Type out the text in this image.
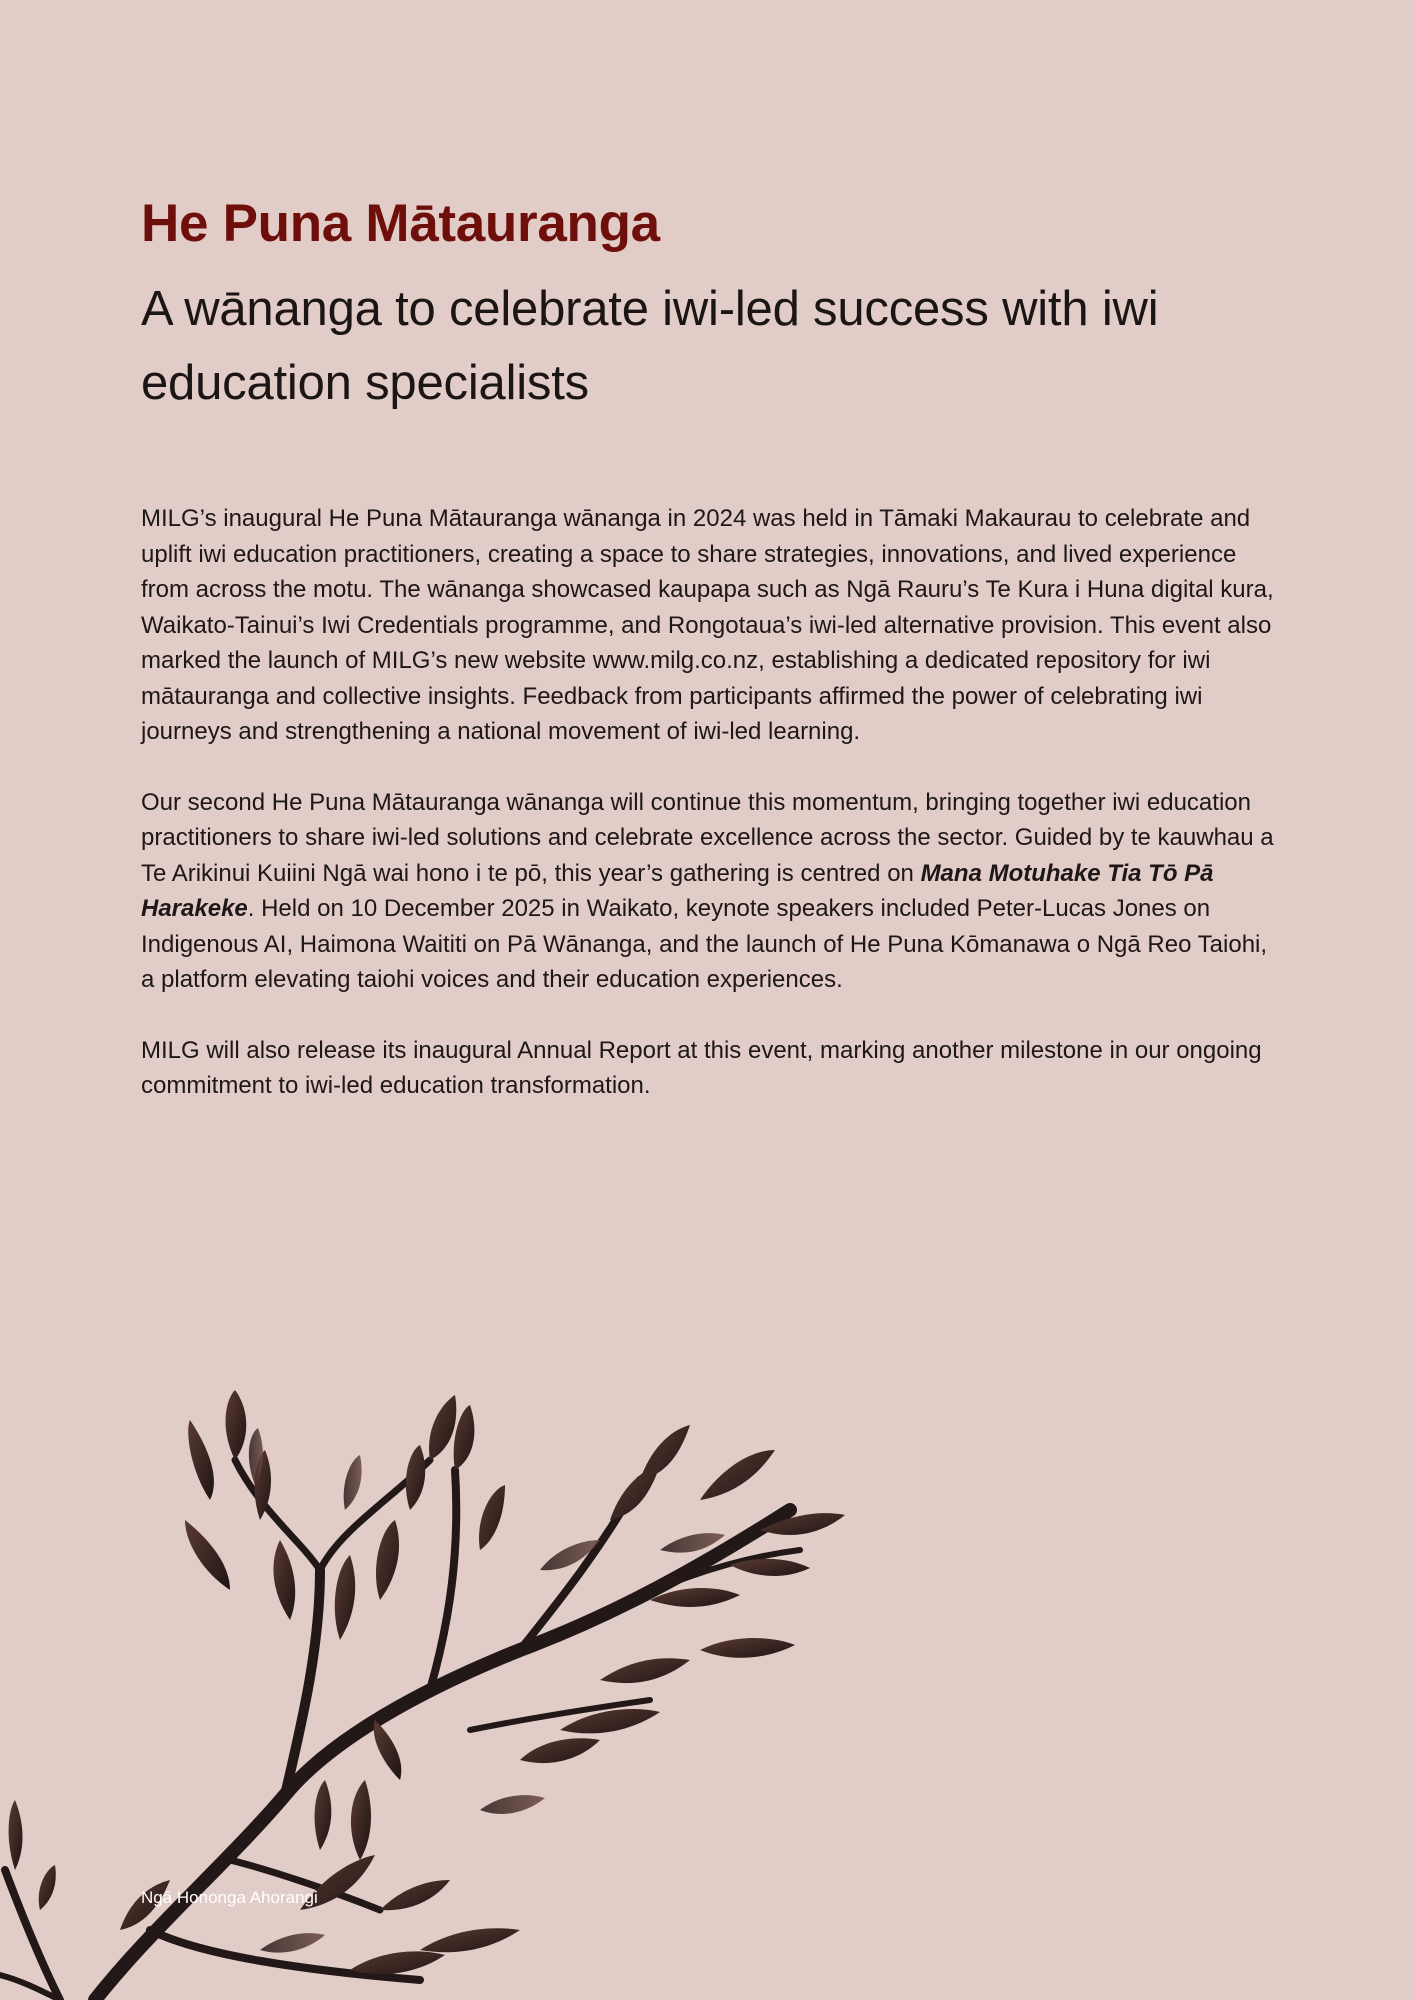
He Puna Mātauranga
A wānanga to celebrate iwi-led success with iwi education specialists

MILG’s inaugural He Puna Mātauranga wānanga in 2024 was held in Tāmaki Makaurau to celebrate and uplift iwi education practitioners, creating a space to share strategies, innovations, and lived experience from across the motu. The wānanga showcased kaupapa such as Ngā Rauru’s Te Kura i Huna digital kura, Waikato-Tainui’s Iwi Credentials programme, and Rongotaua’s iwi-led alternative provision. This event also marked the launch of MILG’s new website www.milg.co.nz, establishing a dedicated repository for iwi mātauranga and collective insights. Feedback from participants affirmed the power of celebrating iwi journeys and strengthening a national movement of iwi-led learning.

Our second He Puna Mātauranga wānanga will continue this momentum, bringing together iwi education practitioners to share iwi-led solutions and celebrate excellence across the sector. Guided by te kauwhau a Te Arikinui Kuiini Ngā wai hono i te pō, this year’s gathering is centred on Mana Motuhake Tia Tō Pā Harakeke. Held on 10 December 2025 in Waikato, keynote speakers included Peter-Lucas Jones on Indigenous AI, Haimona Waititi on Pā Wānanga, and the launch of He Puna Kōmanawa o Ngā Reo Taiohi, a platform elevating taiohi voices and their education experiences.

MILG will also release its inaugural Annual Report at this event, marking another milestone in our ongoing commitment to iwi-led education transformation.

Ngā Hononga Ahorangi
